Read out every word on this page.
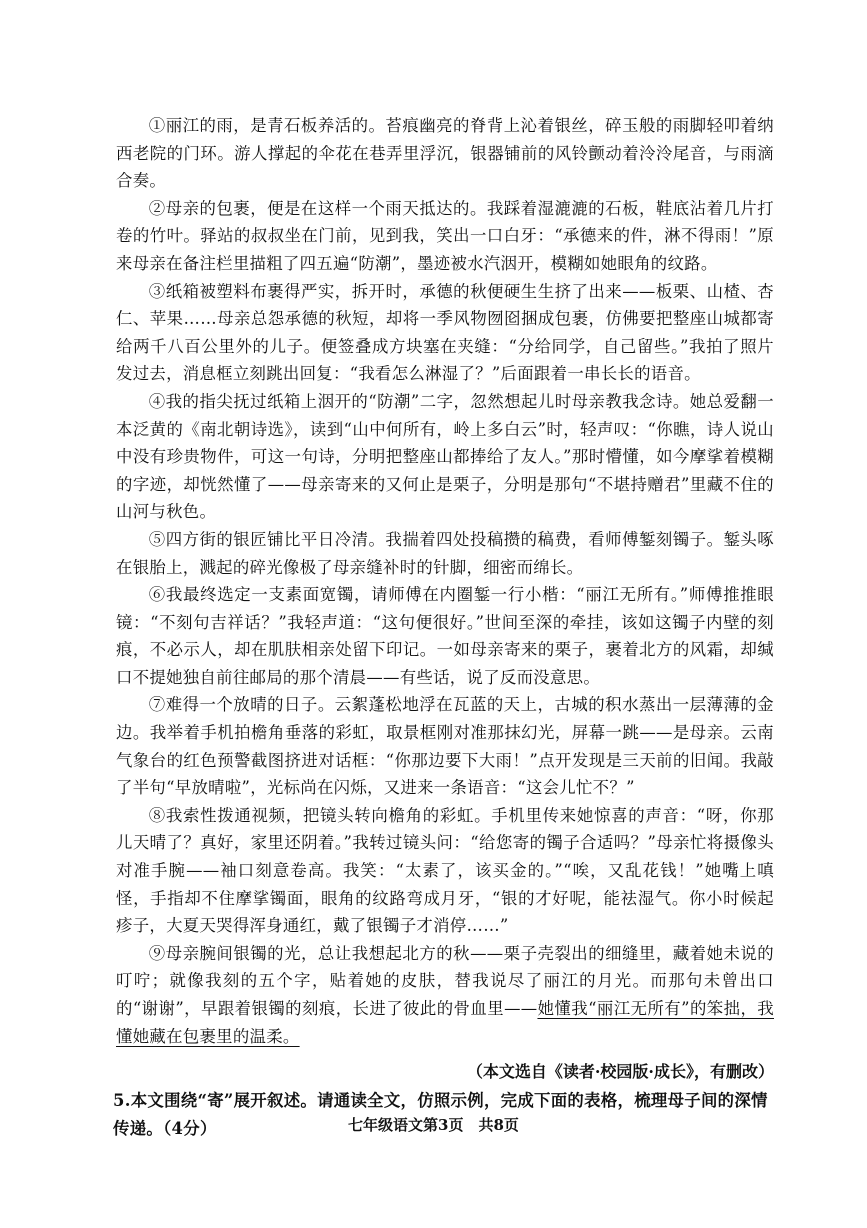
①丽江的雨，是青石板养活的。苔痕幽亮的脊背上沁着银丝，碎玉般的雨脚轻叩着纳西老院的门环。游人撑起的伞花在巷弄里浮沉，银器铺前的风铃颤动着泠泠尾音，与雨滴合奏。

②母亲的包裹，便是在这样一个雨天抵达的。我踩着湿漉漉的石板，鞋底沾着几片打卷的竹叶。驿站的叔叔坐在门前，见到我，笑出一口白牙：“承德来的件，淋不得雨！”原来母亲在备注栏里描粗了四五遍“防潮”，墨迹被水汽洇开，模糊如她眼角的纹路。

③纸箱被塑料布裹得严实，拆开时，承德的秋便硬生生挤了出来——板栗、山楂、杏仁、苹果……母亲总怨承德的秋短，却将一季风物囫囵捆成包裹，仿佛要把整座山城都寄给两千八百公里外的儿子。便签叠成方块塞在夹缝：“分给同学，自己留些。”我拍了照片发过去，消息框立刻跳出回复：“我看怎么淋湿了？”后面跟着一串长长的语音。

④我的指尖抚过纸箱上洇开的“防潮”二字，忽然想起儿时母亲教我念诗。她总爱翻一本泛黄的《南北朝诗选》，读到“山中何所有，岭上多白云”时，轻声叹：“你瞧，诗人说山中没有珍贵物件，可这一句诗，分明把整座山都捧给了友人。”那时懵懂，如今摩挲着模糊的字迹，却恍然懂了——母亲寄来的又何止是栗子，分明是那句“不堪持赠君”里藏不住的山河与秋色。

⑤四方街的银匠铺比平日冷清。我揣着四处投稿攒的稿费，看师傅錾刻镯子。錾头啄在银胎上，溅起的碎光像极了母亲缝补时的针脚，细密而绵长。

⑥我最终选定一支素面宽镯，请师傅在内圈錾一行小楷：“丽江无所有。”师傅推推眼镜：“不刻句吉祥话？”我轻声道：“这句便很好。”世间至深的牵挂，该如这镯子内壁的刻痕，不必示人，却在肌肤相亲处留下印记。一如母亲寄来的栗子，裹着北方的风霜，却缄口不提她独自前往邮局的那个清晨——有些话，说了反而没意思。

⑦难得一个放晴的日子。云絮蓬松地浮在瓦蓝的天上，古城的积水蒸出一层薄薄的金边。我举着手机拍檐角垂落的彩虹，取景框刚对准那抹幻光，屏幕一跳——是母亲。云南气象台的红色预警截图挤进对话框：“你那边要下大雨！”点开发现是三天前的旧闻。我敲了半句“早放晴啦”，光标尚在闪烁，又进来一条语音：“这会儿忙不？”

⑧我索性拨通视频，把镜头转向檐角的彩虹。手机里传来她惊喜的声音：“呀，你那儿天晴了？真好，家里还阴着。”我转过镜头问：“给您寄的镯子合适吗？”母亲忙将摄像头对准手腕——袖口刻意卷高。我笑：“太素了，该买金的。”“唉，又乱花钱！”她嘴上嗔怪，手指却不住摩挲镯面，眼角的纹路弯成月牙，“银的才好呢，能祛湿气。你小时候起疹子，大夏天哭得浑身通红，戴了银镯子才消停……”

⑨母亲腕间银镯的光，总让我想起北方的秋——栗子壳裂出的细缝里，藏着她未说的叮咛；就像我刻的五个字，贴着她的皮肤，替我说尽了丽江的月光。而那句未曾出口的“谢谢”，早跟着银镯的刻痕，长进了彼此的骨血里——她懂我“丽江无所有”的笨拙，我懂她藏在包裹里的温柔。

（本文选自《读者·校园版·成长》，有删改）

5.本文围绕“寄”展开叙述。请通读全文，仿照示例，完成下面的表格，梳理母子间的深情传递。（4分）	七年级语文第3页　共8页
